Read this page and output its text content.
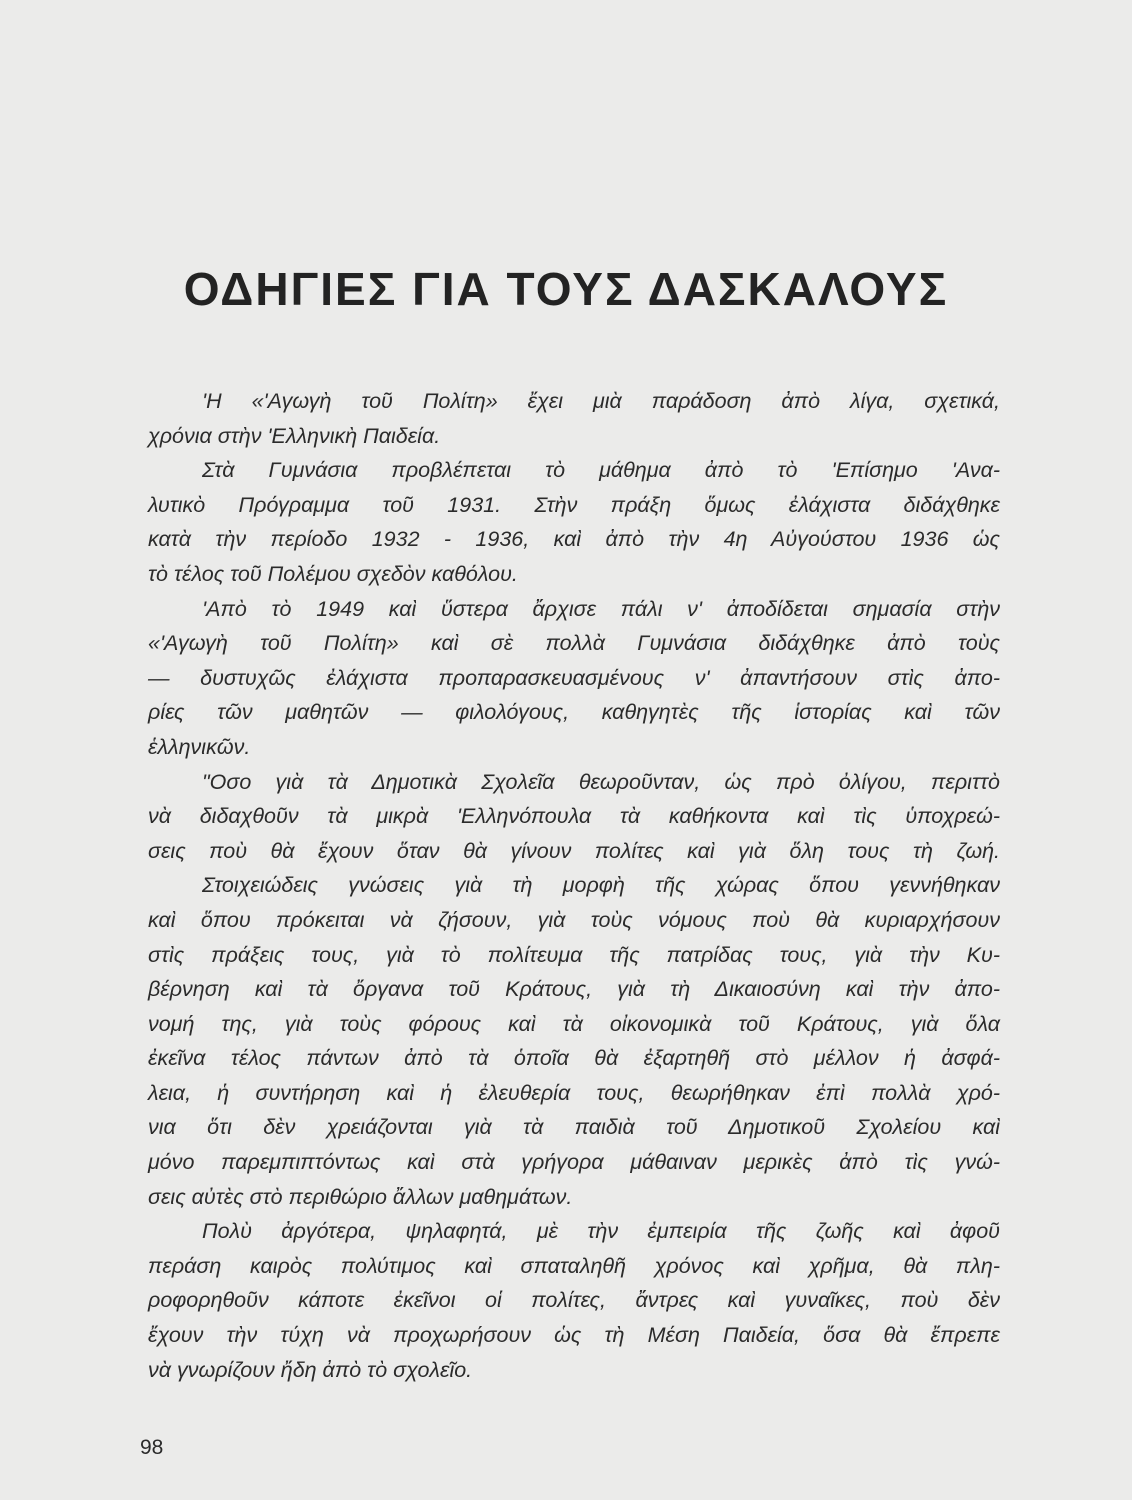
ΟΔΗΓΙΕΣ ΓΙΑ ΤΟΥΣ ΔΑΣΚΑΛΟΥΣ
'Η «'Αγωγὴ τοῦ Πολίτη» ἔχει μιὰ παράδοση ἀπὸ λίγα, σχετικά,
χρόνια στὴν 'Ελληνικὴ Παιδεία.
Στὰ Γυμνάσια προβλέπεται τὸ μάθημα ἀπὸ τὸ 'Επίσημο 'Ανα-
λυτικὸ Πρόγραμμα τοῦ 1931. Στὴν πράξη ὅμως ἐλάχιστα διδάχθηκε
κατὰ τὴν περίοδο 1932 - 1936, καὶ ἀπὸ τὴν 4η Αὐγούστου 1936 ὡς
τὸ τέλος τοῦ Πολέμου σχεδὸν καθόλου.
'Απὸ τὸ 1949 καὶ ὕστερα ἄρχισε πάλι ν' ἀποδίδεται σημασία στὴν
«'Αγωγὴ τοῦ Πολίτη» καὶ σὲ πολλὰ Γυμνάσια διδάχθηκε ἀπὸ τοὺς
— δυστυχῶς ἐλάχιστα προπαρασκευασμένους ν' ἀπαντήσουν στὶς ἀπο-
ρίες τῶν μαθητῶν — φιλολόγους, καθηγητὲς τῆς ἱστορίας καὶ τῶν
ἑλληνικῶν.
"Οσο γιὰ τὰ Δημοτικὰ Σχολεῖα θεωροῦνταν, ὡς πρὸ ὀλίγου, περιττὸ
νὰ διδαχθοῦν τὰ μικρὰ 'Ελληνόπουλα τὰ καθήκοντα καὶ τὶς ὑποχρεώ-
σεις ποὺ θὰ ἔχουν ὅταν θὰ γίνουν πολίτες καὶ γιὰ ὅλη τους τὴ ζωή.
Στοιχειώδεις γνώσεις γιὰ τὴ μορφὴ τῆς χώρας ὅπου γεννήθηκαν
καὶ ὅπου πρόκειται νὰ ζήσουν, γιὰ τοὺς νόμους ποὺ θὰ κυριαρχήσουν
στὶς πράξεις τους, γιὰ τὸ πολίτευμα τῆς πατρίδας τους, γιὰ τὴν Κυ-
βέρνηση καὶ τὰ ὄργανα τοῦ Κράτους, γιὰ τὴ Δικαιοσύνη καὶ τὴν ἀπο-
νομή της, γιὰ τοὺς φόρους καὶ τὰ οἰκονομικὰ τοῦ Κράτους, γιὰ ὅλα
ἐκεῖνα τέλος πάντων ἀπὸ τὰ ὁποῖα θὰ ἐξαρτηθῆ στὸ μέλλον ἡ ἀσφά-
λεια, ἡ συντήρηση καὶ ἡ ἐλευθερία τους, θεωρήθηκαν ἐπὶ πολλὰ χρό-
νια ὅτι δὲν χρειάζονται γιὰ τὰ παιδιὰ τοῦ Δημοτικοῦ Σχολείου καὶ
μόνο παρεμπιπτόντως καὶ στὰ γρήγορα μάθαιναν μερικὲς ἀπὸ τὶς γνώ-
σεις αὐτὲς στὸ περιθώριο ἄλλων μαθημάτων.
Πολὺ ἀργότερα, ψηλαφητά, μὲ τὴν ἐμπειρία τῆς ζωῆς καὶ ἀφοῦ
περάση καιρὸς πολύτιμος καὶ σπαταληθῆ χρόνος καὶ χρῆμα, θὰ πλη-
ροφορηθοῦν κάποτε ἐκεῖνοι οἱ πολίτες, ἄντρες καὶ γυναῖκες, ποὺ δὲν
ἔχουν τὴν τύχη νὰ προχωρήσουν ὡς τὴ Μέση Παιδεία, ὅσα θὰ ἔπρεπε
νὰ γνωρίζουν ἤδη ἀπὸ τὸ σχολεῖο.
98
